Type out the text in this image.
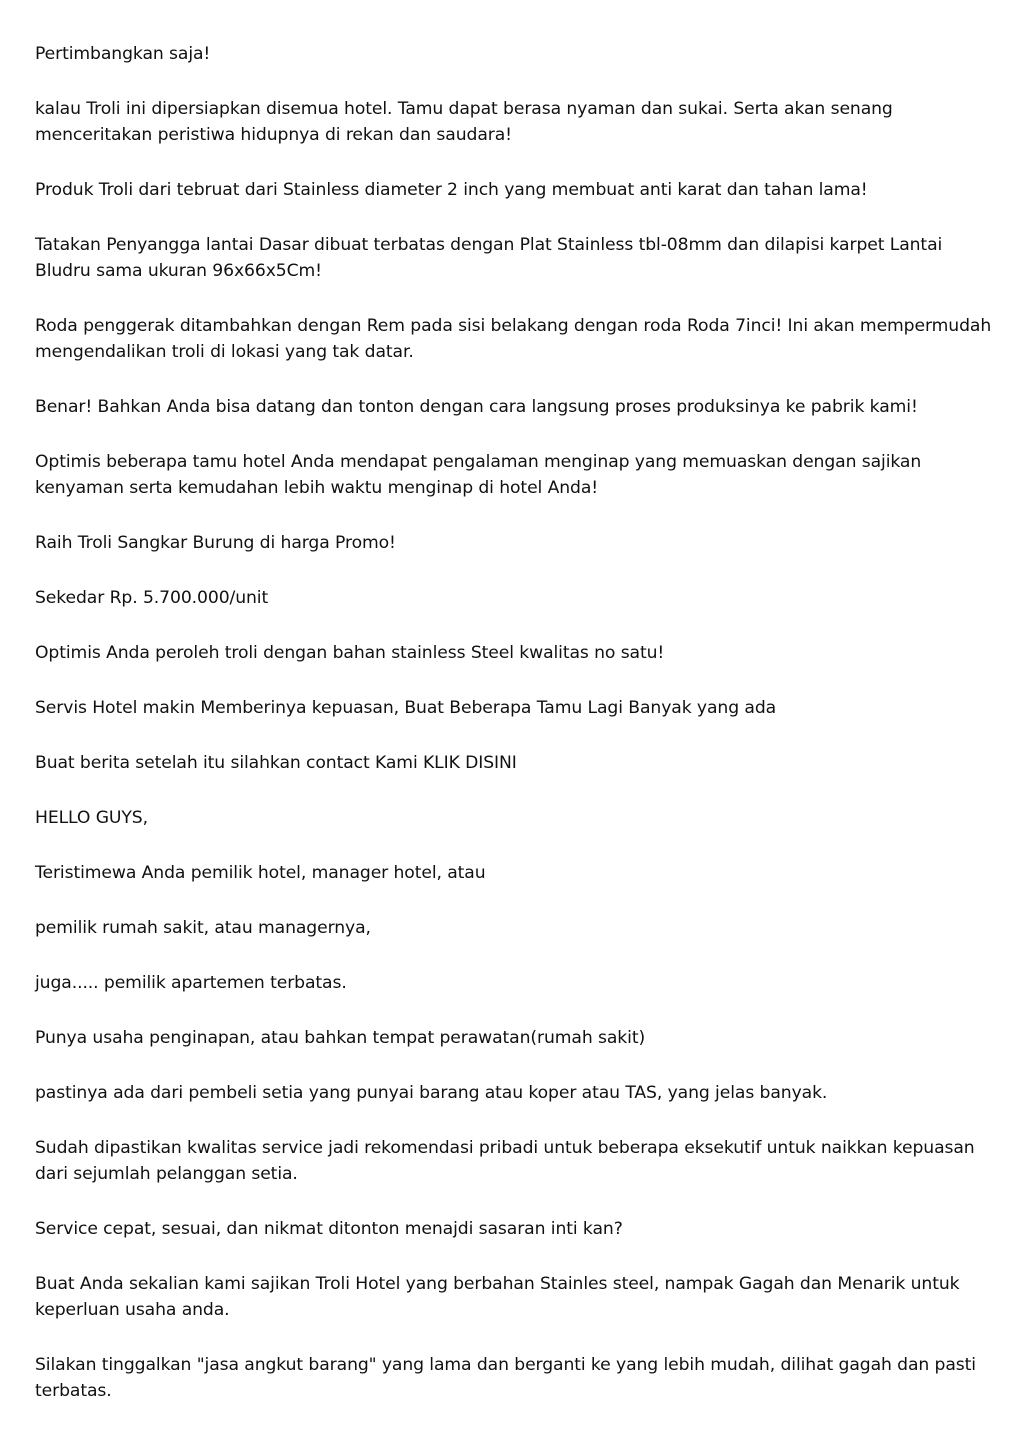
Pertimbangkan saja!

kalau Troli ini dipersiapkan disemua hotel. Tamu dapat berasa nyaman dan sukai. Serta akan senang menceritakan peristiwa hidupnya di rekan dan saudara!

Produk Troli dari tebruat dari Stainless diameter 2 inch yang membuat anti karat dan tahan lama!

Tatakan Penyangga lantai Dasar dibuat terbatas dengan Plat Stainless tbl-08mm dan dilapisi karpet Lantai Bludru sama ukuran 96x66x5Cm!

Roda penggerak ditambahkan dengan Rem pada sisi belakang dengan roda Roda 7inci! Ini akan mempermudah mengendalikan troli di lokasi yang tak datar.

Benar! Bahkan Anda bisa datang dan tonton dengan cara langsung proses produksinya ke pabrik kami!

Optimis beberapa tamu hotel Anda mendapat pengalaman menginap yang memuaskan dengan sajikan kenyaman serta kemudahan lebih waktu menginap di hotel Anda!

Raih Troli Sangkar Burung di harga Promo!

Sekedar Rp. 5.700.000/unit

Optimis Anda peroleh troli dengan bahan stainless Steel kwalitas no satu!

Servis Hotel makin Memberinya kepuasan, Buat Beberapa Tamu Lagi Banyak yang ada

Buat berita setelah itu silahkan contact Kami KLIK DISINI

HELLO GUYS,

Teristimewa Anda pemilik hotel, manager hotel, atau

pemilik rumah sakit, atau managernya,

juga..... pemilik apartemen terbatas.

Punya usaha penginapan, atau bahkan tempat perawatan(rumah sakit)

pastinya ada dari pembeli setia yang punyai barang atau koper atau TAS, yang jelas banyak.

Sudah dipastikan kwalitas service jadi rekomendasi pribadi untuk beberapa eksekutif untuk naikkan kepuasan dari sejumlah pelanggan setia.

Service cepat, sesuai, dan nikmat ditonton menajdi sasaran inti kan?

Buat Anda sekalian kami sajikan Troli Hotel yang berbahan Stainles steel, nampak Gagah dan Menarik untuk keperluan usaha anda.

Silakan tinggalkan "jasa angkut barang" yang lama dan berganti ke yang lebih mudah, dilihat gagah dan pasti terbatas.
